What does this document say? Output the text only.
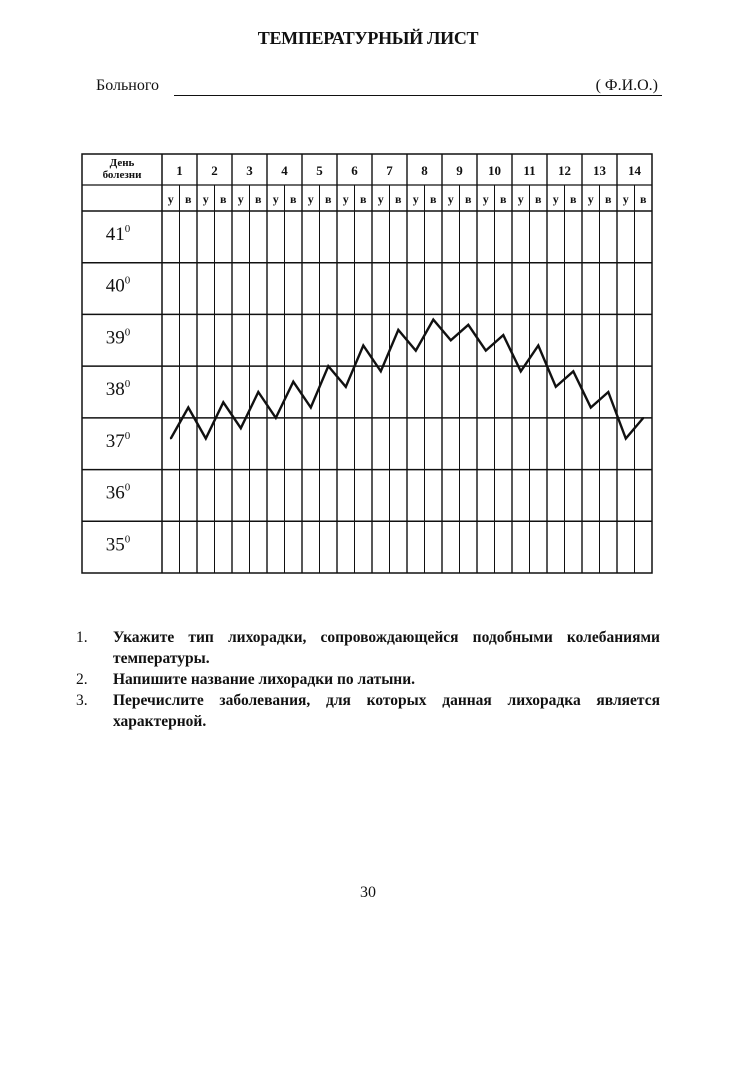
ТЕМПЕРАТУРНЫЙ ЛИСТ
Больного	( Ф.И.О.)
День
болезни	1 2 3 4 5 6 7 8 9 10 11 12 13 14
у в у в у в у в у в у в у в у в у в у в у в у в у в у в
$41^0$
$40^0$
$39^0$
$38^0$
$37^0$
$36^0$
$35^0$
1. Укажите тип лихорадки, сопровождающейся подобными колебаниями температуры.
2. Напишите название лихорадки по латыни.
3. Перечислите заболевания, для которых данная лихорадка является характерной.
30
